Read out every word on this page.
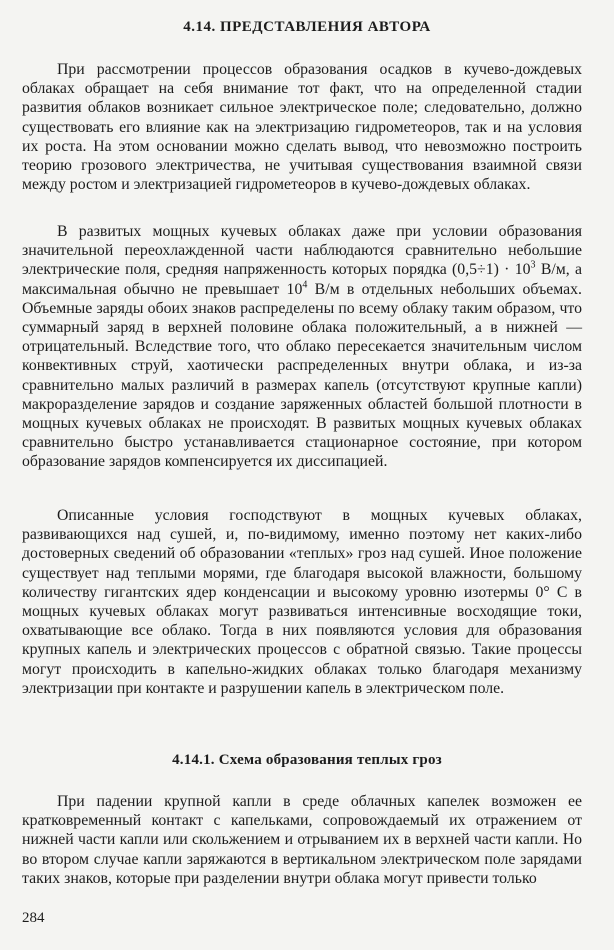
4.14. ПРЕДСТАВЛЕНИЯ АВТОРА

При рассмотрении процессов образования осадков в кучево-дождевых облаках обращает на себя внимание тот факт, что на определенной стадии развития облаков возникает сильное электрическое поле; следовательно, должно существовать его влияние как на электризацию гидрометеоров, так и на условия их роста. На этом основании можно сделать вывод, что невозможно построить теорию грозового электричества, не учитывая существования взаимной связи между ростом и электризацией гидрометеоров в кучево-дождевых облаках.

В развитых мощных кучевых облаках даже при условии образования значительной переохлажденной части наблюдаются сравнительно небольшие электрические поля, средняя напряженность которых порядка $(0,5\div 1) \cdot 10^3$ В/м, а максимальная обычно не превышает $10^4$ В/м в отдельных небольших объемах. Объемные заряды обоих знаков распределены по всему облаку таким образом, что суммарный заряд в верхней половине облака положительный, а в нижней — отрицательный. Вследствие того, что облако пересекается значительным числом конвективных струй, хаотически распределенных внутри облака, и из-за сравнительно малых различий в размерах капель (отсутствуют крупные капли) макроразделение зарядов и создание заряженных областей большой плотности в мощных кучевых облаках не происходят. В развитых мощных кучевых облаках сравнительно быстро устанавливается стационарное состояние, при котором образование зарядов компенсируется их диссипацией.

Описанные условия господствуют в мощных кучевых облаках, развивающихся над сушей, и, по-видимому, именно поэтому нет каких-либо достоверных сведений об образовании «теплых» гроз над сушей. Иное положение существует над теплыми морями, где благодаря высокой влажности, большому количеству гигантских ядер конденсации и высокому уровню изотермы 0° С в мощных кучевых облаках могут развиваться интенсивные восходящие токи, охватывающие все облако. Тогда в них появляются условия для образования крупных капель и электрических процессов с обратной связью. Такие процессы могут происходить в капельно-жидких облаках только благодаря механизму электризации при контакте и разрушении капель в электрическом поле.

4.14.1. Схема образования теплых гроз

При падении крупной капли в среде облачных капелек возможен ее кратковременный контакт с капельками, сопровождаемый их отражением от нижней части капли или скольжением и отрыванием их в верхней части капли. Но во втором случае капли заряжаются в вертикальном электрическом поле зарядами таких знаков, которые при разделении внутри облака могут привести только

284
